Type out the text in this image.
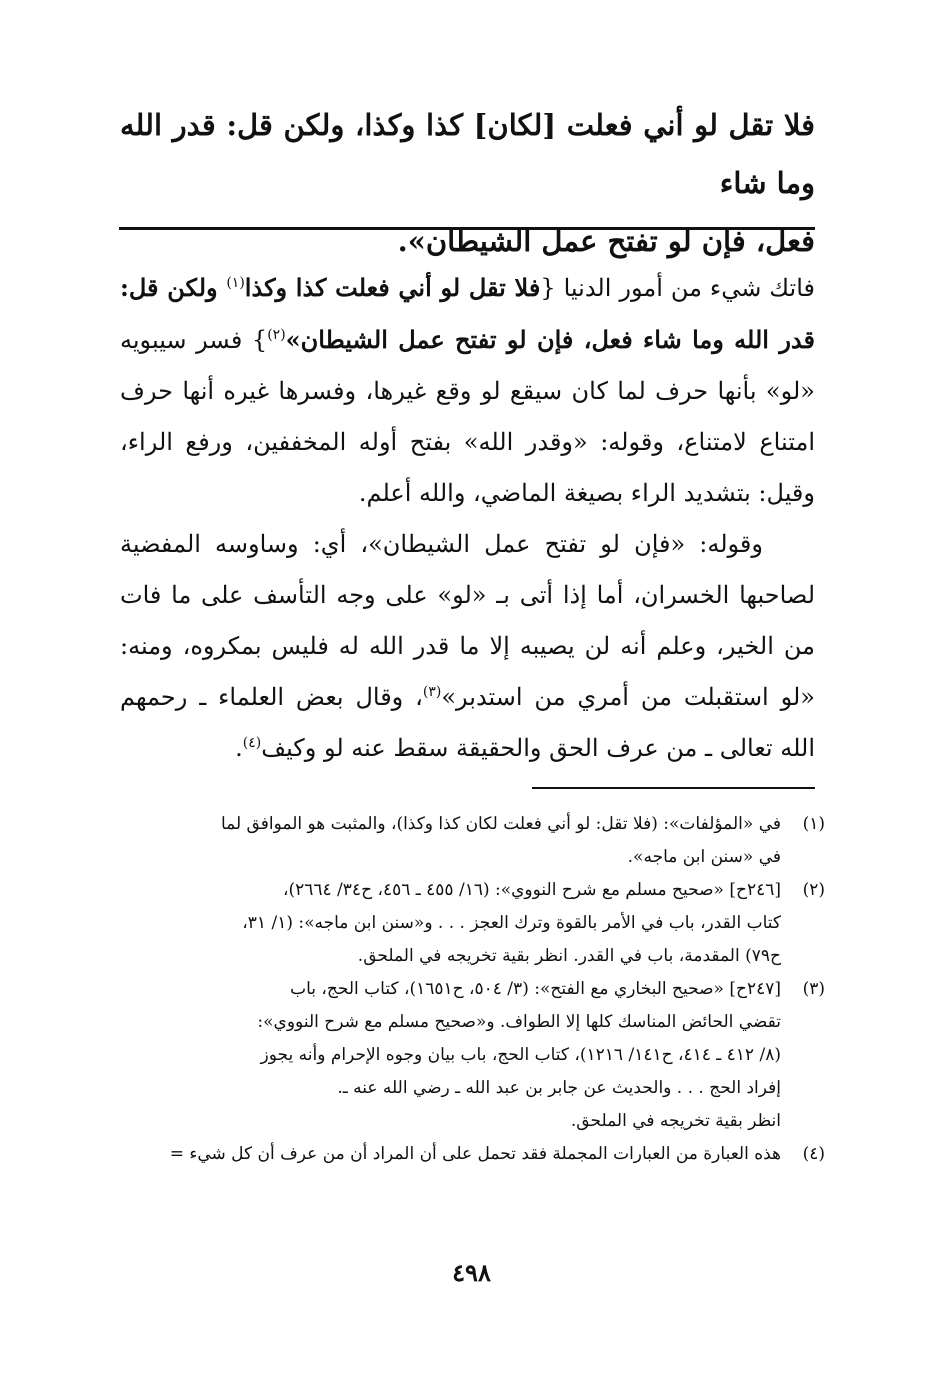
فلا تقل لو أني فعلت [لكان] كذا وكذا، ولكن قل: قدر الله وما شاء
فعل، فإن لو تفتح عمل الشيطان».

فاتك شيء من أمور الدنيا {فلا تقل لو أني فعلت كذا وكذا$^{(١)}$ ولكن قل: قدر الله وما شاء فعل، فإن لو تفتح عمل الشيطان»$^{(٢)}$} فسر سيبويه «لو» بأنها حرف لما كان سيقع لو وقع غيرها، وفسرها غيره أنها حرف امتناع لامتناع، وقوله: «وقدر الله» بفتح أوله المخففين، ورفع الراء، وقيل: بتشديد الراء بصيغة الماضي، والله أعلم.

وقوله: «فإن لو تفتح عمل الشيطان»، أي: وساوسه المفضية لصاحبها الخسران، أما إذا أتى بـ «لو» على وجه التأسف على ما فات من الخير، وعلم أنه لن يصيبه إلا ما قدر الله له فليس بمكروه، ومنه: «لو استقبلت من أمري من استدبر»$^{(٣)}$، وقال بعض العلماء ـ رحمهم الله تعالى ـ من عرف الحق والحقيقة سقط عنه لو وكيف$^{(٤)}$.

(١)
في «المؤلفات»: (فلا تقل: لو أني فعلت لكان كذا وكذا)، والمثبت هو الموافق لما
في «سنن ابن ماجه».
(٢)
[٢٤٦ح] «صحيح مسلم مع شرح النووي»: (١٦/ ٤٥٥ ـ ٤٥٦، ح٣٤/ ٢٦٦٤)،
كتاب القدر، باب في الأمر بالقوة وترك العجز . . . و«سنن ابن ماجه»: (١/ ٣١،
ح٧٩) المقدمة، باب في القدر. انظر بقية تخريجه في الملحق.
(٣)
[٢٤٧ح] «صحيح البخاري مع الفتح»: (٣/ ٥٠٤، ح١٦٥١)، كتاب الحج، باب
تقضي الحائض المناسك كلها إلا الطواف. و«صحيح مسلم مع شرح النووي»:
(٨/ ٤١٢ ـ ٤١٤، ح١٤١/ ١٢١٦)، كتاب الحج، باب بيان وجوه الإحرام وأنه يجوز
إفراد الحج . . . والحديث عن جابر بن عبد الله ـ رضي الله عنه ـ.
انظر بقية تخريجه في الملحق.
(٤)
هذه العبارة من العبارات المجملة فقد تحمل على أن المراد أن من عرف أن كل شيء =
٤٩٨
